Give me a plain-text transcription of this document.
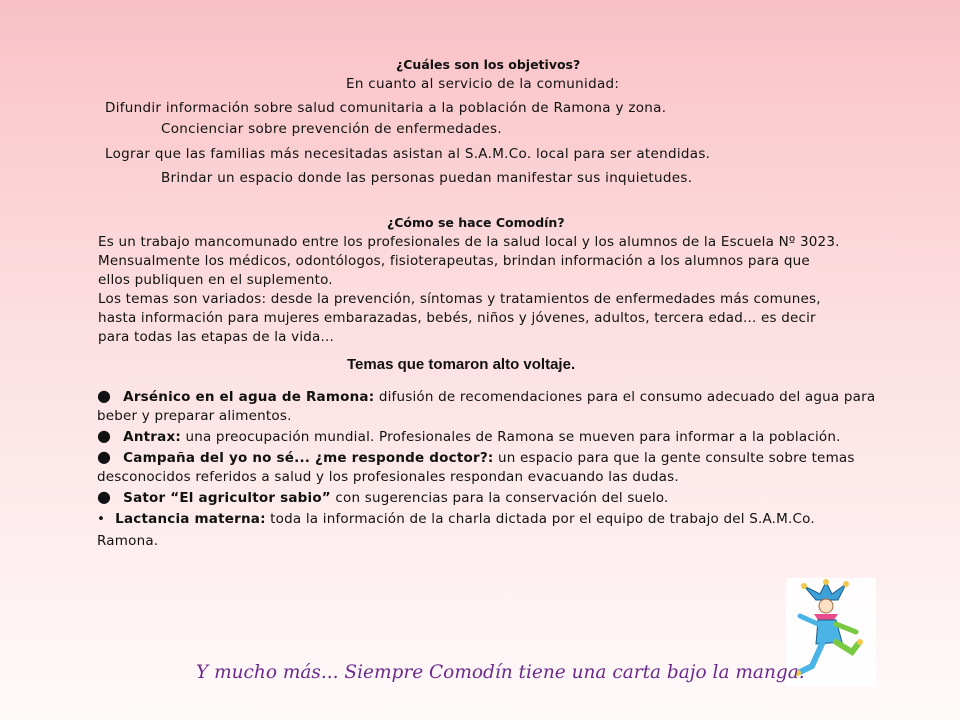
¿Cuáles son los objetivos?
En cuanto al servicio de la comunidad:
Difundir información sobre salud comunitaria a la población de Ramona y zona.
Concienciar sobre prevención de enfermedades.
Lograr que las familias más necesitadas asistan al S.A.M.Co. local para ser atendidas.
Brindar un espacio donde las personas puedan manifestar sus inquietudes.
¿Cómo se hace Comodín?

Es un trabajo mancomunado entre los profesionales de la salud local y los alumnos de la Escuela Nº 3023.

Mensualmente los médicos, odontólogos, fisioterapeutas, brindan información a los alumnos para que

ellos publiquen en el suplemento.

Los temas son variados: desde la prevención, síntomas y tratamientos de enfermedades más comunes,

hasta información para mujeres embarazadas, bebés, niños y jóvenes, adultos, tercera edad... es decir

para todas las etapas de la vida...

Temas que tomaron alto voltaje.
● Arsénico en el agua de Ramona: difusión de recomendaciones para el consumo adecuado del agua para beber y preparar alimentos.
● Antrax: una preocupación mundial. Profesionales de Ramona se mueven para informar a la población.
● Campaña del yo no sé... ¿me responde doctor?: un espacio para que la gente consulte sobre temas desconocidos referidos a salud y los profesionales respondan evacuando las dudas.
● Sator “El agricultor sabio” con sugerencias para la conservación del suelo.
• Lactancia materna: toda la información de la charla dictada por el equipo de trabajo del S.A.M.Co. Ramona.
Y mucho más... Siempre Comodín tiene una carta bajo la manga.
